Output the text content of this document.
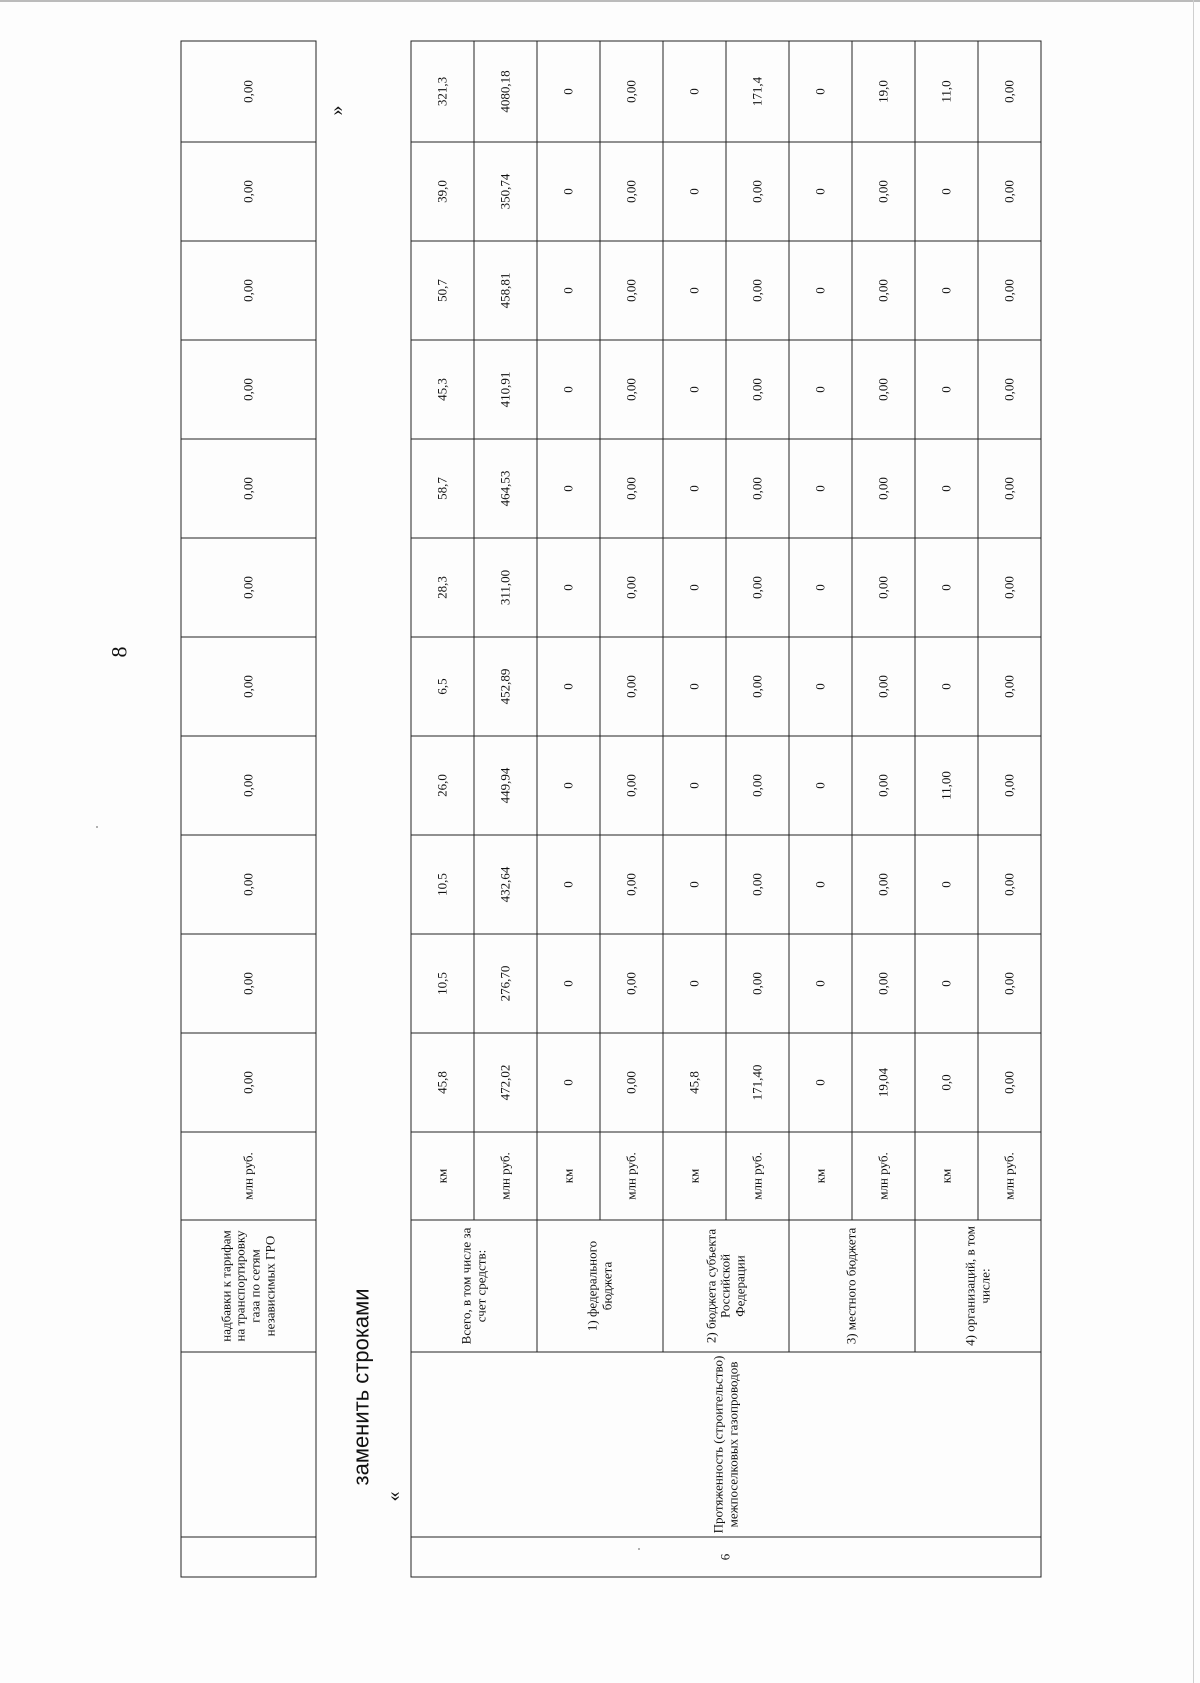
8
		надбавки к тарифам на транспортировку газа по сетям независимых ГРО	млн руб.	0,00	0,00	0,00	0,00	0,00	0,00	0,00	0,00	0,00	0,00	0,00
»
заменить строками
«
6	Протяженность (строительство) межпоселковых газопроводов	Всего, в том числе за счет средств:	км	45,8	10,5	10,5	26,0	6,5	28,3	58,7	45,3	50,7	39,0	321,3
			млн руб.	472,02	276,70	432,64	449,94	452,89	311,00	464,53	410,91	458,81	350,74	4080,18
		1) федерального бюджета	км	0	0	0	0	0	0	0	0	0	0	0
			млн руб.	0,00	0,00	0,00	0,00	0,00	0,00	0,00	0,00	0,00	0,00	0,00
		2) бюджета субъекта Российской Федерации	км	45,8	0	0	0	0	0	0	0	0	0	0
			млн руб.	171,40	0,00	0,00	0,00	0,00	0,00	0,00	0,00	0,00	0,00	171,4
		3) местного бюджета	км	0	0	0	0	0	0	0	0	0	0	0
			млн руб.	19,04	0,00	0,00	0,00	0,00	0,00	0,00	0,00	0,00	0,00	19,0
		4) организаций, в том числе:	км	0,0	0	0	11,00	0	0	0	0	0	0	11,0
			млн руб.	0,00	0,00	0,00	0,00	0,00	0,00	0,00	0,00	0,00	0,00	0,00
